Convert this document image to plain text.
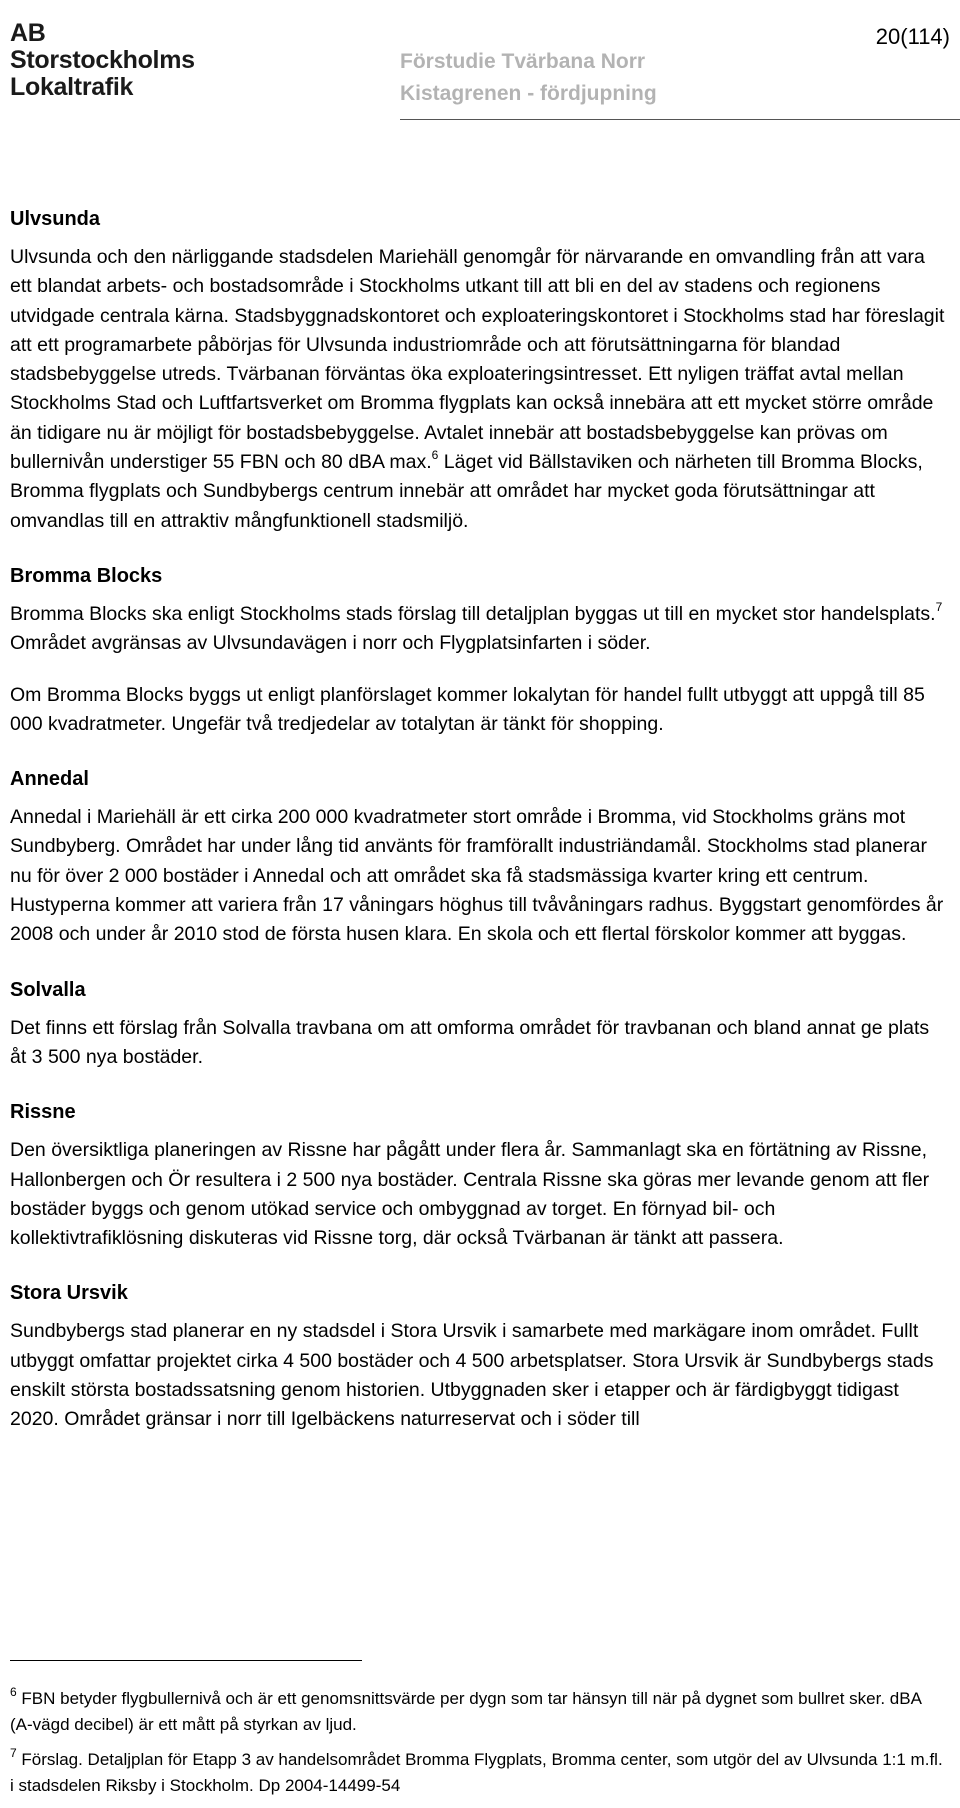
AB
Storstockholms
Lokaltrafik
Förstudie Tvärbana Norr
Kistagrenen - fördjupning
20(114)
Ulvsunda

Ulvsunda och den närliggande stadsdelen Mariehäll genomgår för närvarande en omvandling från att vara ett blandat arbets- och bostadsområde i Stockholms utkant till att bli en del av stadens och regionens utvidgade centrala kärna. Stadsbyggnadskontoret och exploateringskontoret i Stockholms stad har föreslagit att ett programarbete påbörjas för Ulvsunda industriområde och att förutsättningarna för blandad stadsbebyggelse utreds. Tvärbanan förväntas öka exploateringsintresset. Ett nyligen träffat avtal mellan Stockholms Stad och Luftfartsverket om Bromma flygplats kan också innebära att ett mycket större område än tidigare nu är möjligt för bostadsbebyggelse. Avtalet innebär att bostadsbebyggelse kan prövas om bullernivån understiger 55 FBN och 80 dBA max.$^6$ Läget vid Bällstaviken och närheten till Bromma Blocks, Bromma flygplats och Sundbybergs centrum innebär att området har mycket goda förutsättningar att omvandlas till en attraktiv mångfunktionell stadsmiljö.

Bromma Blocks

Bromma Blocks ska enligt Stockholms stads förslag till detaljplan byggas ut till en mycket stor handelsplats.$^7$ Området avgränsas av Ulvsundavägen i norr och Flygplatsinfarten i söder.

Om Bromma Blocks byggs ut enligt planförslaget kommer lokalytan för handel fullt utbyggt att uppgå till 85 000 kvadratmeter. Ungefär två tredjedelar av totalytan är tänkt för shopping.

Annedal

Annedal i Mariehäll är ett cirka 200 000 kvadratmeter stort område i Bromma, vid Stockholms gräns mot Sundbyberg. Området har under lång tid använts för framförallt industriändamål. Stockholms stad planerar nu för över 2 000 bostäder i Annedal och att området ska få stadsmässiga kvarter kring ett centrum. Hustyperna kommer att variera från 17 våningars höghus till tvåvåningars radhus. Byggstart genomfördes år 2008 och under år 2010 stod de första husen klara. En skola och ett flertal förskolor kommer att byggas.

Solvalla

Det finns ett förslag från Solvalla travbana om att omforma området för travbanan och bland annat ge plats åt 3 500 nya bostäder.

Rissne

Den översiktliga planeringen av Rissne har pågått under flera år. Sammanlagt ska en förtätning av Rissne, Hallonbergen och Ör resultera i 2 500 nya bostäder. Centrala Rissne ska göras mer levande genom att fler bostäder byggs och genom utökad service och ombyggnad av torget. En förnyad bil- och kollektivtrafiklösning diskuteras vid Rissne torg, där också Tvärbanan är tänkt att passera.

Stora Ursvik

Sundbybergs stad planerar en ny stadsdel i Stora Ursvik i samarbete med markägare inom området. Fullt utbyggt omfattar projektet cirka 4 500 bostäder och 4 500 arbetsplatser. Stora Ursvik är Sundbybergs stads enskilt största bostadssatsning genom historien. Utbyggnaden sker i etapper och är färdigbyggt tidigast 2020. Området gränsar i norr till Igelbäckens naturreservat och i söder till

$^6$ FBN betyder flygbullernivå och är ett genomsnittsvärde per dygn som tar hänsyn till när på dygnet som bullret sker. dBA (A-vägd decibel) är ett mått på styrkan av ljud.

$^7$ Förslag. Detaljplan för Etapp 3 av handelsområdet Bromma Flygplats, Bromma center, som utgör del av Ulvsunda 1:1 m.fl. i stadsdelen Riksby i Stockholm. Dp 2004-14499-54
